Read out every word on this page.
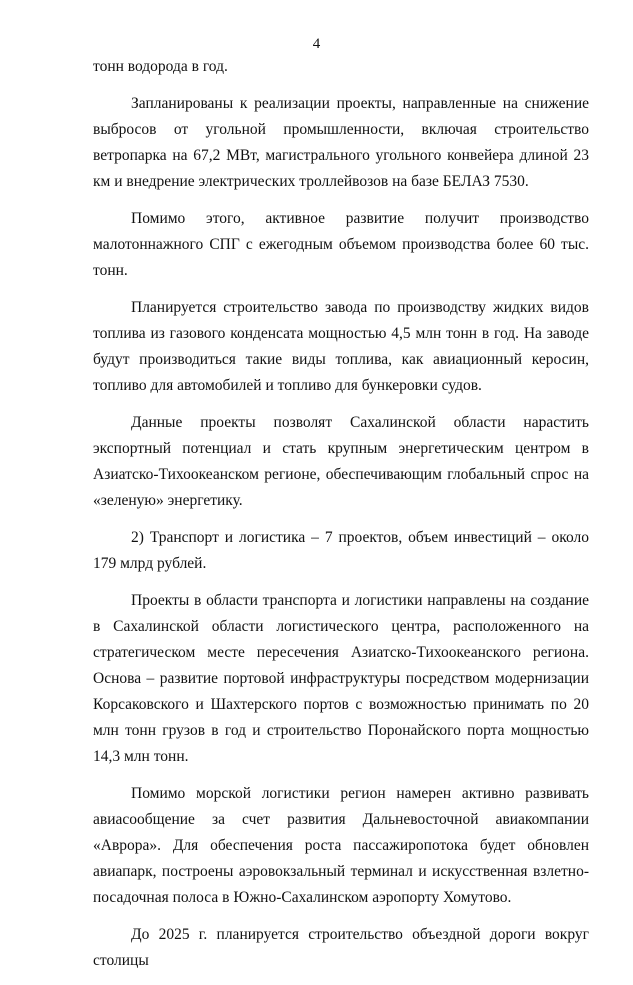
4

тонн водорода в год.

Запланированы к реализации проекты, направленные на снижение выбросов от угольной промышленности, включая строительство ветропарка на 67,2 МВт, магистрального угольного конвейера длиной 23 км и внедрение электрических троллейвозов на базе БЕЛАЗ 7530.

Помимо этого, активное развитие получит производство малотоннажного СПГ с ежегодным объемом производства более 60 тыс. тонн.

Планируется строительство завода по производству жидких видов топлива из газового конденсата мощностью 4,5 млн тонн в год. На заводе будут производиться такие виды топлива, как авиационный керосин, топливо для автомобилей и топливо для бункеровки судов.

Данные проекты позволят Сахалинской области нарастить экспортный потенциал и стать крупным энергетическим центром в Азиатско-Тихоокеанском регионе, обеспечивающим глобальный спрос на «зеленую» энергетику.

2) Транспорт и логистика – 7 проектов, объем инвестиций – около 179 млрд рублей.

Проекты в области транспорта и логистики направлены на создание в Сахалинской области логистического центра, расположенного на стратегическом месте пересечения Азиатско-Тихоокеанского региона. Основа – развитие портовой инфраструктуры посредством модернизации Корсаковского и Шахтерского портов с возможностью принимать по 20 млн тонн грузов в год и строительство Поронайского порта мощностью 14,3 млн тонн.

Помимо морской логистики регион намерен активно развивать авиасообщение за счет развития Дальневосточной авиакомпании «Аврора». Для обеспечения роста пассажиропотока будет обновлен авиапарк, построены аэровокзальный терминал и искусственная взлетно-посадочная полоса в Южно-Сахалинском аэропорту Хомутово.

До 2025 г. планируется строительство объездной дороги вокруг столицы
